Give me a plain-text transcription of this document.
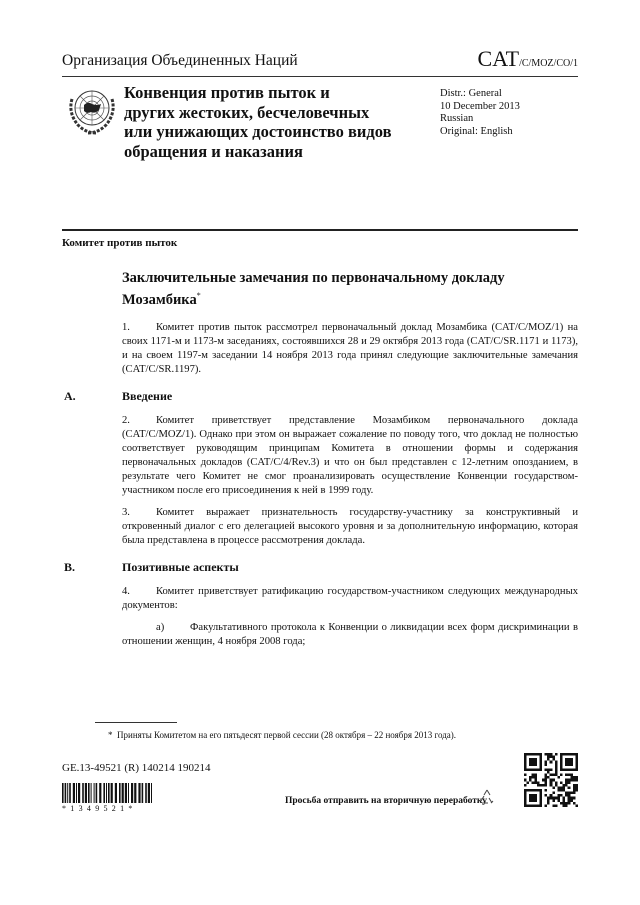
Организация Объединенных Наций	CAT/C/MOZ/CO/1
Конвенция против пыток и
других жестоких, бесчеловечных
или унижающих достоинство видов
обращения и наказания
Distr.: General
10 December 2013
Russian
Original: English
Комитет против пыток
Заключительные замечания по первоначальному докладу Мозамбика*
1. Комитет против пыток рассмотрел первоначальный доклад Мозамбика (CAT/C/MOZ/1) на своих 1171-м и 1173-м заседаниях, состоявшихся 28 и 29 октября 2013 года (CAT/C/SR.1171 и 1173), и на своем 1197-м заседании 14 ноября 2013 года принял следующие заключительные замечания (CAT/C/SR.1197).
A.	Введение
2. Комитет приветствует представление Мозамбиком первоначального доклада (CAT/C/MOZ/1). Однако при этом он выражает сожаление по поводу того, что доклад не полностью соответствует руководящим принципам Комитета в отношении формы и содержания первоначальных докладов (CAT/C/4/Rev.3) и что он был представлен с 12-летним опозданием, в результате чего Комитет не смог проанализировать осуществление Конвенции государством-участником после его присоединения к ней в 1999 году.
3. Комитет выражает признательность государству-участнику за конструктивный и откровенный диалог с его делегацией высокого уровня и за дополнительную информацию, которая была представлена в процессе рассмотрения доклада.
B.	Позитивные аспекты
4. Комитет приветствует ратификацию государством-участником следующих международных документов:
a) Факультативного протокола к Конвенции о ликвидации всех форм дискриминации в отношении женщин, 4 ноября 2008 года;
* Приняты Комитетом на его пятьдесят первой сессии (28 октября – 22 ноября 2013 года).
GE.13-49521 (R) 140214 190214
*1349521*
Просьба отправить на вторичную переработку
